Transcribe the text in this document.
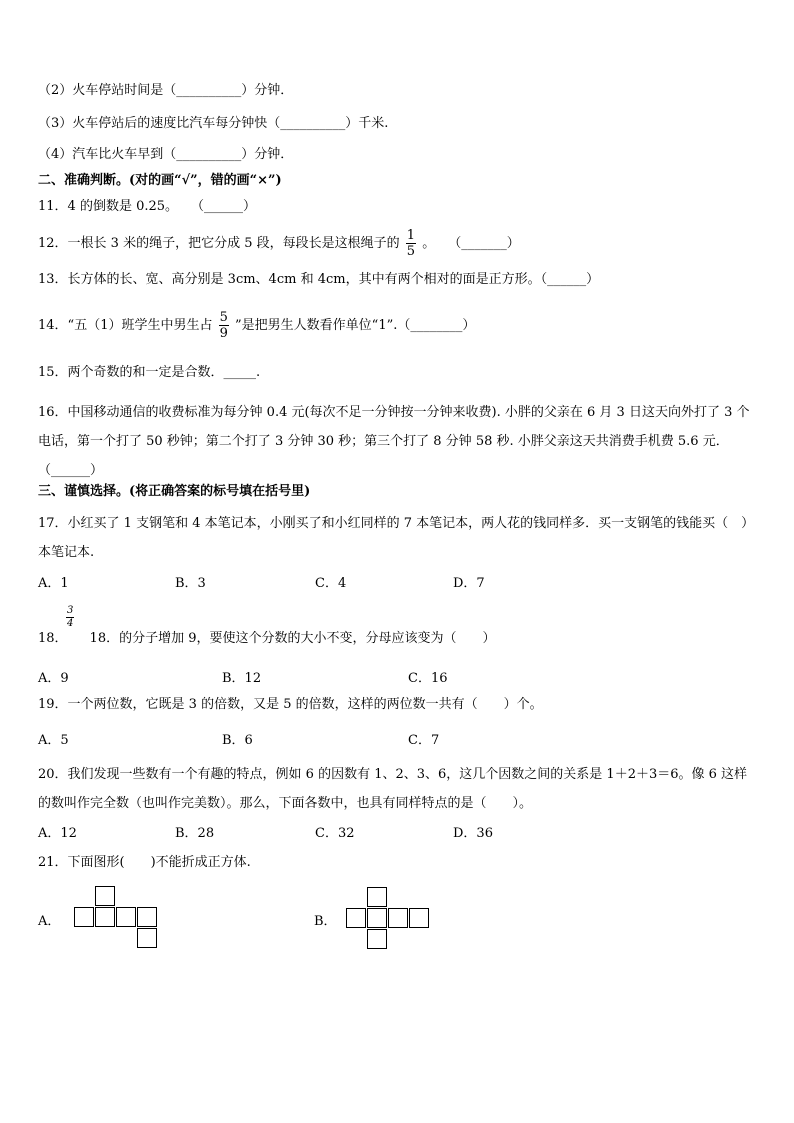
（2）火车停站时间是（__________）分钟．
（3）火车停站后的速度比汽车每分钟快（__________）千米.
（4）汽车比火车早到（__________）分钟．
二、准确判断。(对的画“√”，错的画“×”)
11．4 的倒数是 0.25。　　（______）
12．一根长 3 米的绳子，把它分成 5 段，每段长是这根绳子的 $\frac{1}{5}$ 。　　（_______）
13．长方体的长、宽、高分别是 3cm、4cm 和 4cm，其中有两个相对的面是正方形。（______）
14．“五（1）班学生中男生占 $\frac{5}{9}$ ”是把男生人数看作单位“1”.（________）
15．两个奇数的和一定是合数．_____.
16．中国移动通信的收费标准为每分钟 0.4 元(每次不足一分钟按一分钟来收费). 小胖的父亲在 6 月 3 日这天向外打了 3 个电话，第一个打了 50 秒钟；第二个打了 3 分钟 30 秒；第三个打了 8 分钟 58 秒. 小胖父亲这天共消费手机费 5.6 元．（______）
三、谨慎选择。(将正确答案的标号填在括号里)
17．小红买了 1 支钢笔和 4 本笔记本，小刚买了和小红同样的 7 本笔记本，两人花的钱同样多．买一支钢笔的钱能买（　）本笔记本.
A．1	B．3	C．4	D．7
3
4
18． 18．的分子增加 9，要使这个分数的大小不变，分母应该变为（　　）
A．9	B．12	C．16
19．一个两位数，它既是 3 的倍数，又是 5 的倍数，这样的两位数一共有（　　）个。
A．5	B．6	C．7
20．我们发现一些数有一个有趣的特点，例如 6 的因数有 1、2、3、6，这几个因数之间的关系是 1＋2＋3＝6。像 6 这样的数叫作完全数（也叫作完美数）。那么，下面各数中，也具有同样特点的是（　　）。
A．12	B．28	C．32	D．36
21．下面图形(　　)不能折成正方体.
A．	B．
